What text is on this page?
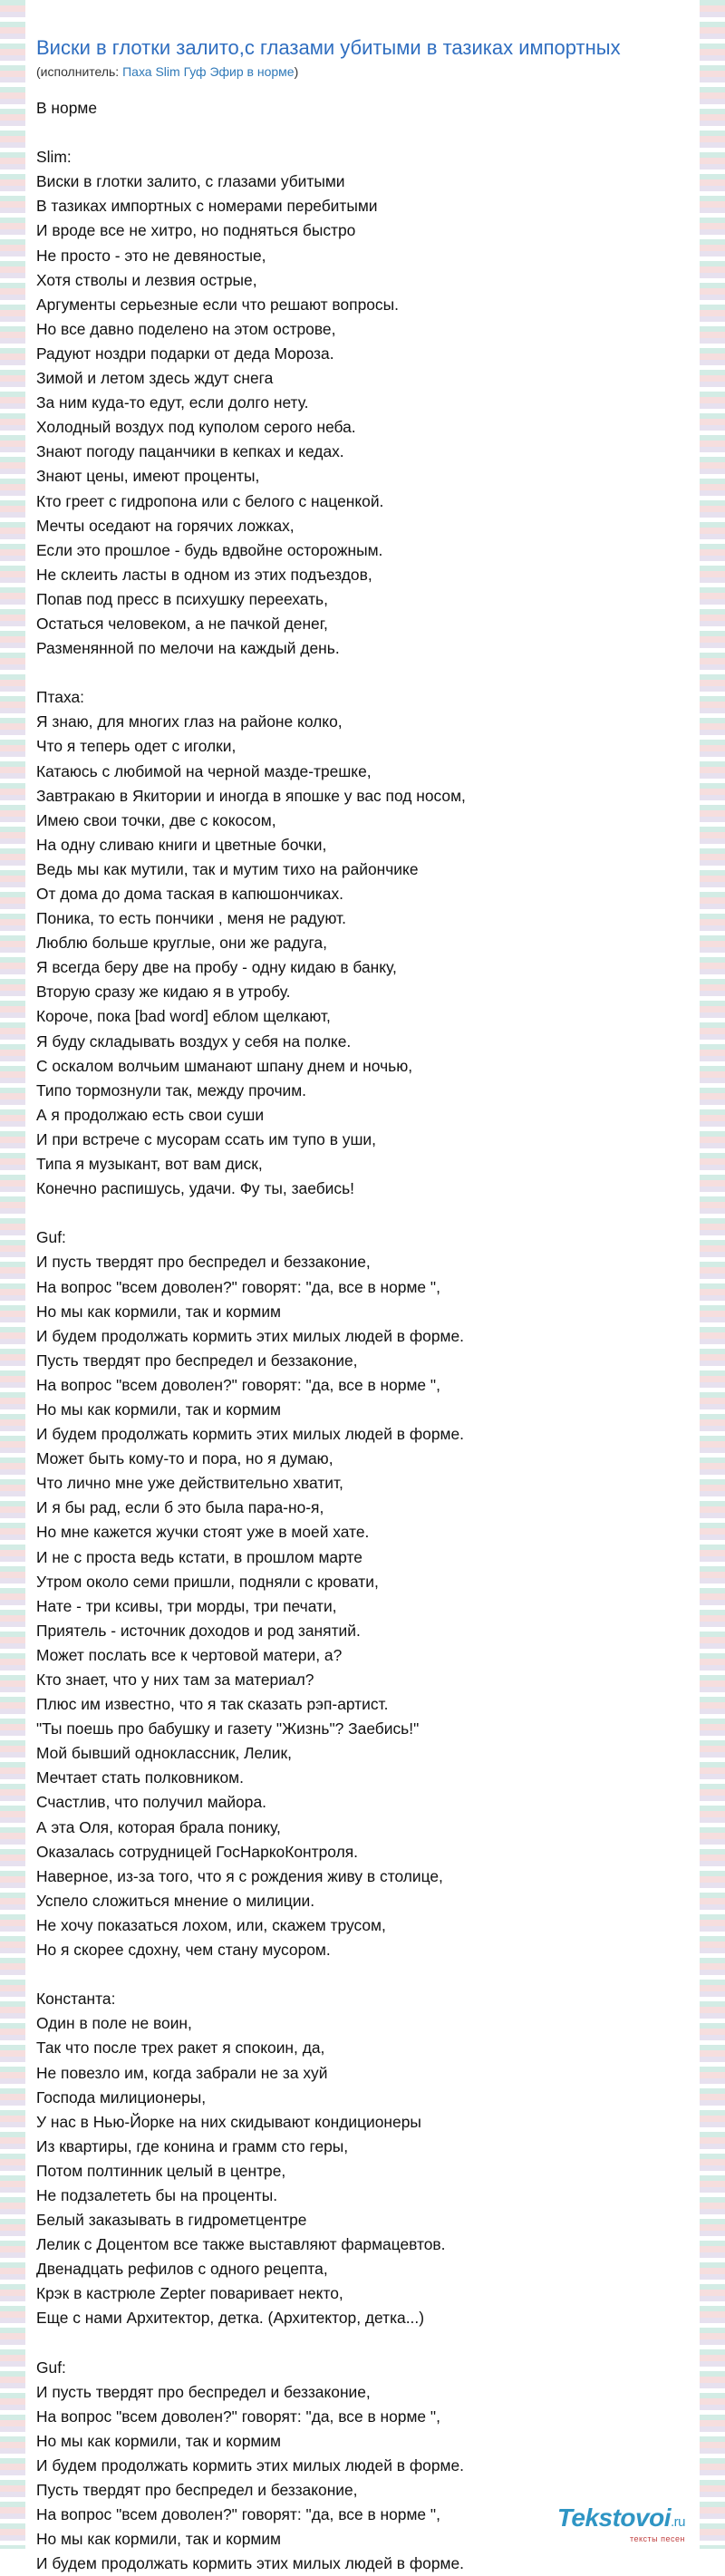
Виски в глотки залито,с глазами убитыми в тазиках импортных
(исполнитель: Паха Slim Гуф Эфир в норме)
В норме
Slim:
Виски в глотки залито, с глазами убитыми
В тазиках импортных с номерами перебитыми
И вроде все не хитро, но подняться быстро
Не просто - это не девяностые,
Хотя стволы и лезвия острые,
Аргументы серьезные если что решают вопросы.
Но все давно поделено на этом острове,
Радуют ноздри подарки от деда Мороза.
Зимой и летом здесь ждут снега
За ним куда-то едут, если долго нету.
Холодный воздух под куполом серого неба.
Знают погоду пацанчики в кепках и кедах.
Знают цены, имеют проценты,
Кто греет с гидропона или с белого с наценкой.
Мечты оседают на горячих ложках,
Если это прошлое - будь вдвойне осторожным.
Не склеить ласты в одном из этих подъездов,
Попав под пресс в психушку переехать,
Остаться человеком, а не пачкой денег,
Разменянной по мелочи на каждый день.
Птаха:
Я знаю, для многих глаз на районе колко,
Что я теперь одет с иголки,
Катаюсь с любимой на черной мазде-трешке,
Завтракаю в Якитории и иногда в япошке у вас под носом,
Имею свои точки, две с кокосом,
На одну сливаю книги и цветные бочки,
Ведь мы как мутили, так и мутим тихо на райончике
От дома до дома таская в капюшончиках.
Поника, то есть пончики , меня не радуют.
Люблю больше круглые, они же радуга,
Я всегда беру две на пробу - одну кидаю в банку,
Вторую сразу же кидаю я в утробу.
Короче, пока [bad word] еблом щелкают,
Я буду складывать воздух у себя на полке.
С оскалом волчьим шманают шпану днем и ночью,
Типо тормознули так, между прочим.
А я продолжаю есть свои суши
И при встрече с мусорам ссать им тупо в уши,
Типа я музыкант, вот вам диск,
Конечно распишусь, удачи. Фу ты, заебись!
Guf:
И пусть твердят про беспредел и беззаконие,
На вопрос "всем доволен?" говорят: "да, все в норме ",
Но мы как кормили, так и кормим
И будем продолжать кормить этих милых людей в форме.
Пусть твердят про беспредел и беззаконие,
На вопрос "всем доволен?" говорят: "да, все в норме ",
Но мы как кормили, так и кормим
И будем продолжать кормить этих милых людей в форме.
Может быть кому-то и пора, но я думаю,
Что лично мне уже действительно хватит,
И я бы рад, если б это была пара-но-я,
Но мне кажется жучки стоят уже в моей хате.
И не с проста ведь кстати, в прошлом марте
Утром около семи пришли, подняли с кровати,
Нате - три ксивы, три морды, три печати,
Приятель - источник доходов и род занятий.
Может послать все к чертовой матери, а?
Кто знает, что у них там за материал?
Плюс им известно, что я так сказать рэп-артист.
"Ты поешь про бабушку и газету "Жизнь"? Заебись!"
Мой бывший одноклассник, Лелик,
Мечтает стать полковником.
Счастлив, что получил майора.
А эта Оля, которая брала понику,
Оказалась сотрудницей ГосНаркоКонтроля.
Наверное, из-за того, что я с рождения живу в столице,
Успело сложиться мнение о милиции.
Не хочу показаться лохом, или, скажем трусом,
Но я скорее сдохну, чем стану мусором.
Константа:
Один в поле не воин,
Так что после трех ракет я спокоин, да,
Не повезло им, когда забрали не за хуй
Господа милиционеры,
У нас в Нью-Йорке на них скидывают кондиционеры
Из квартиры, где конина и грамм сто геры,
Потом полтинник целый в центре,
Не подзалететь бы на проценты.
Белый заказывать в гидрометцентре
Лелик с Доцентом все также выставляют фармацевтов.
Двенадцать рефилов с одного рецепта,
Крэк в кастрюле Zepter поваривает некто,
Еще с нами Архитектор, детка. (Архитектор, детка...)
Guf:
И пусть твердят про беспредел и беззаконие,
На вопрос "всем доволен?" говорят: "да, все в норме ",
Но мы как кормили, так и кормим
И будем продолжать кормить этих милых людей в форме.
Пусть твердят про беспредел и беззаконие,
На вопрос "всем доволен?" говорят: "да, все в норме ",
Но мы как кормили, так и кормим
И будем продолжать кормить этих милых людей в форме.
Tekstovoi.ru
тексты песен
